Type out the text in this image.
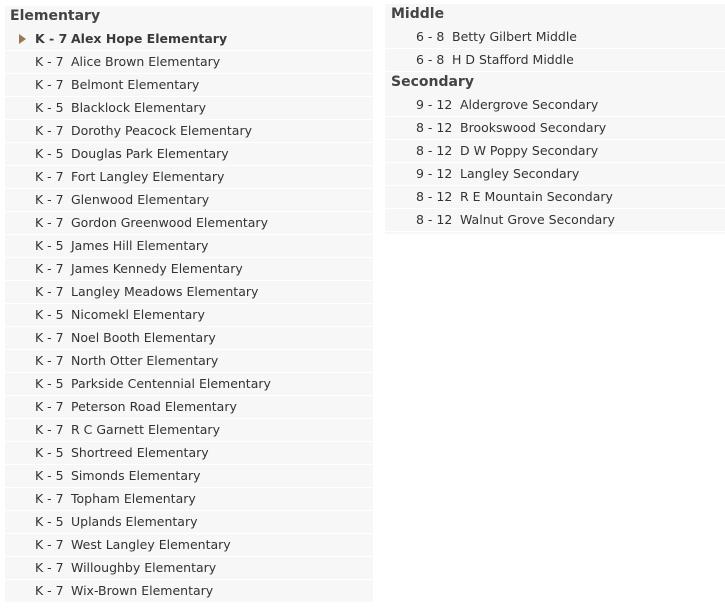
Elementary
K - 7 Alex Hope Elementary
K - 7 Alice Brown Elementary
K - 7 Belmont Elementary
K - 5 Blacklock Elementary
K - 7 Dorothy Peacock Elementary
K - 5 Douglas Park Elementary
K - 7 Fort Langley Elementary
K - 7 Glenwood Elementary
K - 7 Gordon Greenwood Elementary
K - 5 James Hill Elementary
K - 7 James Kennedy Elementary
K - 7 Langley Meadows Elementary
K - 5 Nicomekl Elementary
K - 7 Noel Booth Elementary
K - 7 North Otter Elementary
K - 5 Parkside Centennial Elementary
K - 7 Peterson Road Elementary
K - 7 R C Garnett Elementary
K - 5 Shortreed Elementary
K - 5 Simonds Elementary
K - 7 Topham Elementary
K - 5 Uplands Elementary
K - 7 West Langley Elementary
K - 7 Willoughby Elementary
K - 7 Wix-Brown Elementary
Middle
6 - 8 Betty Gilbert Middle
6 - 8 H D Stafford Middle
Secondary
9 - 12 Aldergrove Secondary
8 - 12 Brookswood Secondary
8 - 12 D W Poppy Secondary
9 - 12 Langley Secondary
8 - 12 R E Mountain Secondary
8 - 12 Walnut Grove Secondary
